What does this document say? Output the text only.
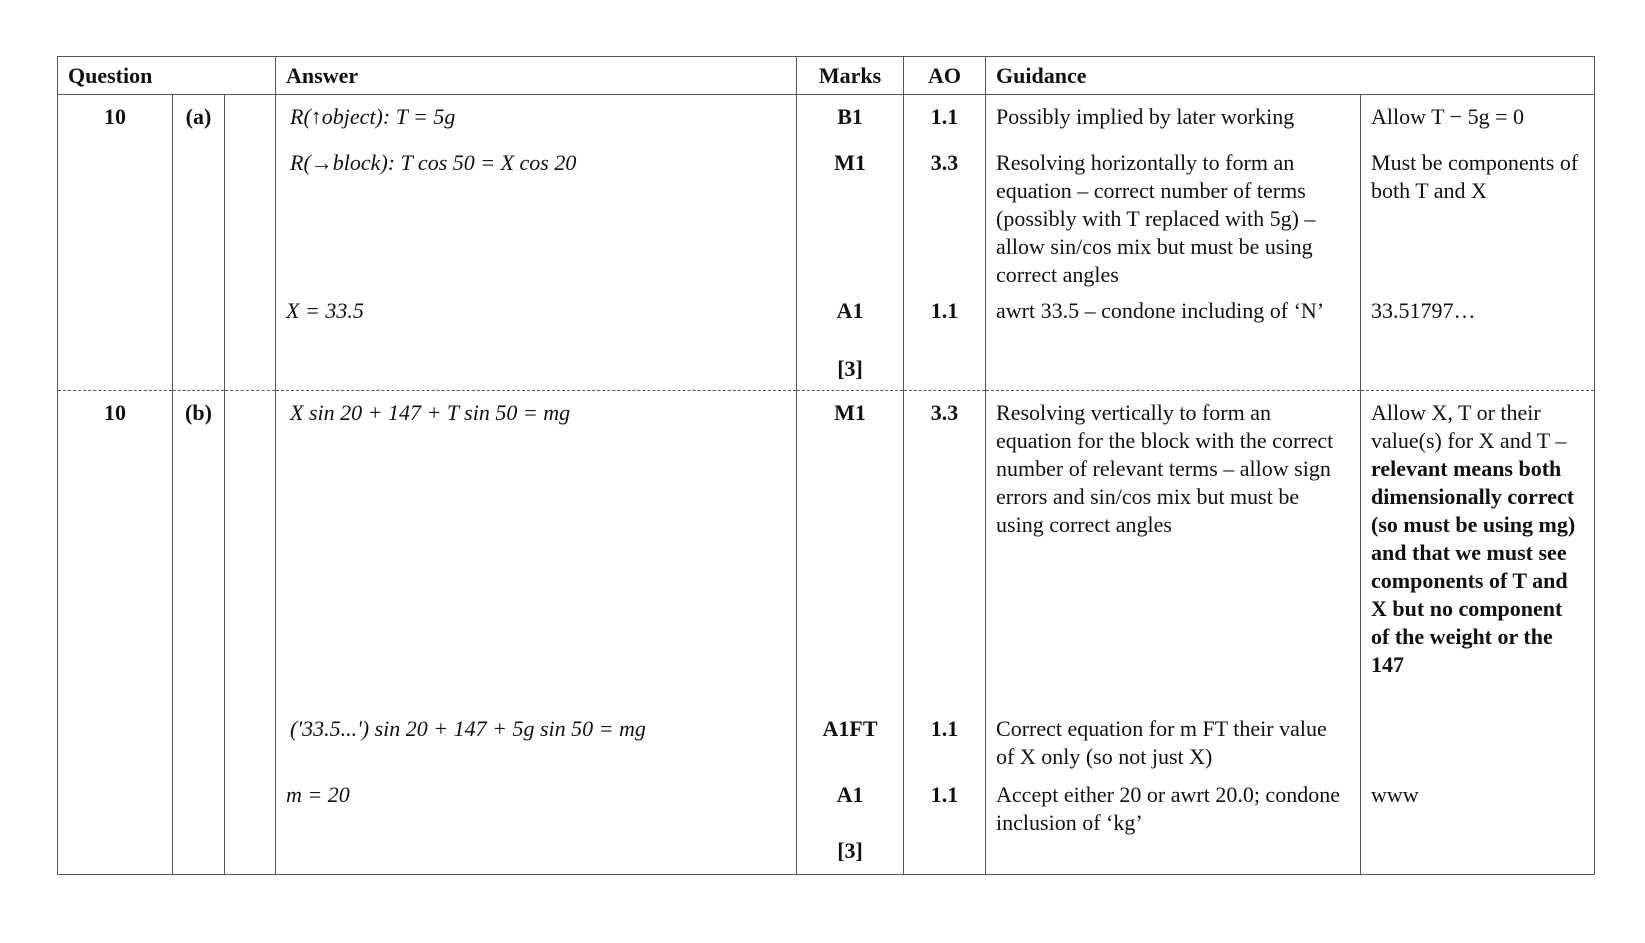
Question			Answer	Marks	AO	Guidance	
10	(a)		R(↑object): T = 5g	B1	1.1	Possibly implied by later working	Allow T − 5g = 0
			R(→block): T cos 50 = X cos 20	M1	3.3	Resolving horizontally to form an equation – correct number of terms (possibly with T replaced with 5g) – allow sin/cos mix but must be using correct angles	Must be components of both T and X
			X = 33.5	A1	1.1	awrt 33.5 – condone including of ‘N’	33.51797…
				[3]			
10	(b)		X sin 20 + 147 + T sin 50 = mg	M1	3.3	Resolving vertically to form an equation for the block with the correct number of relevant terms – allow sign errors and sin/cos mix but must be using correct angles	Allow X, T or their value(s) for X and T – relevant means both dimensionally correct (so must be using mg) and that we must see components of T and X but no component of the weight or the 147
			('33.5...') sin 20 + 147 + 5g sin 50 = mg	A1FT	1.1	Correct equation for m FT their value of X only (so not just X)	
			m = 20	A1	1.1	Accept either 20 or awrt 20.0; condone inclusion of ‘kg’	www
				[3]			
